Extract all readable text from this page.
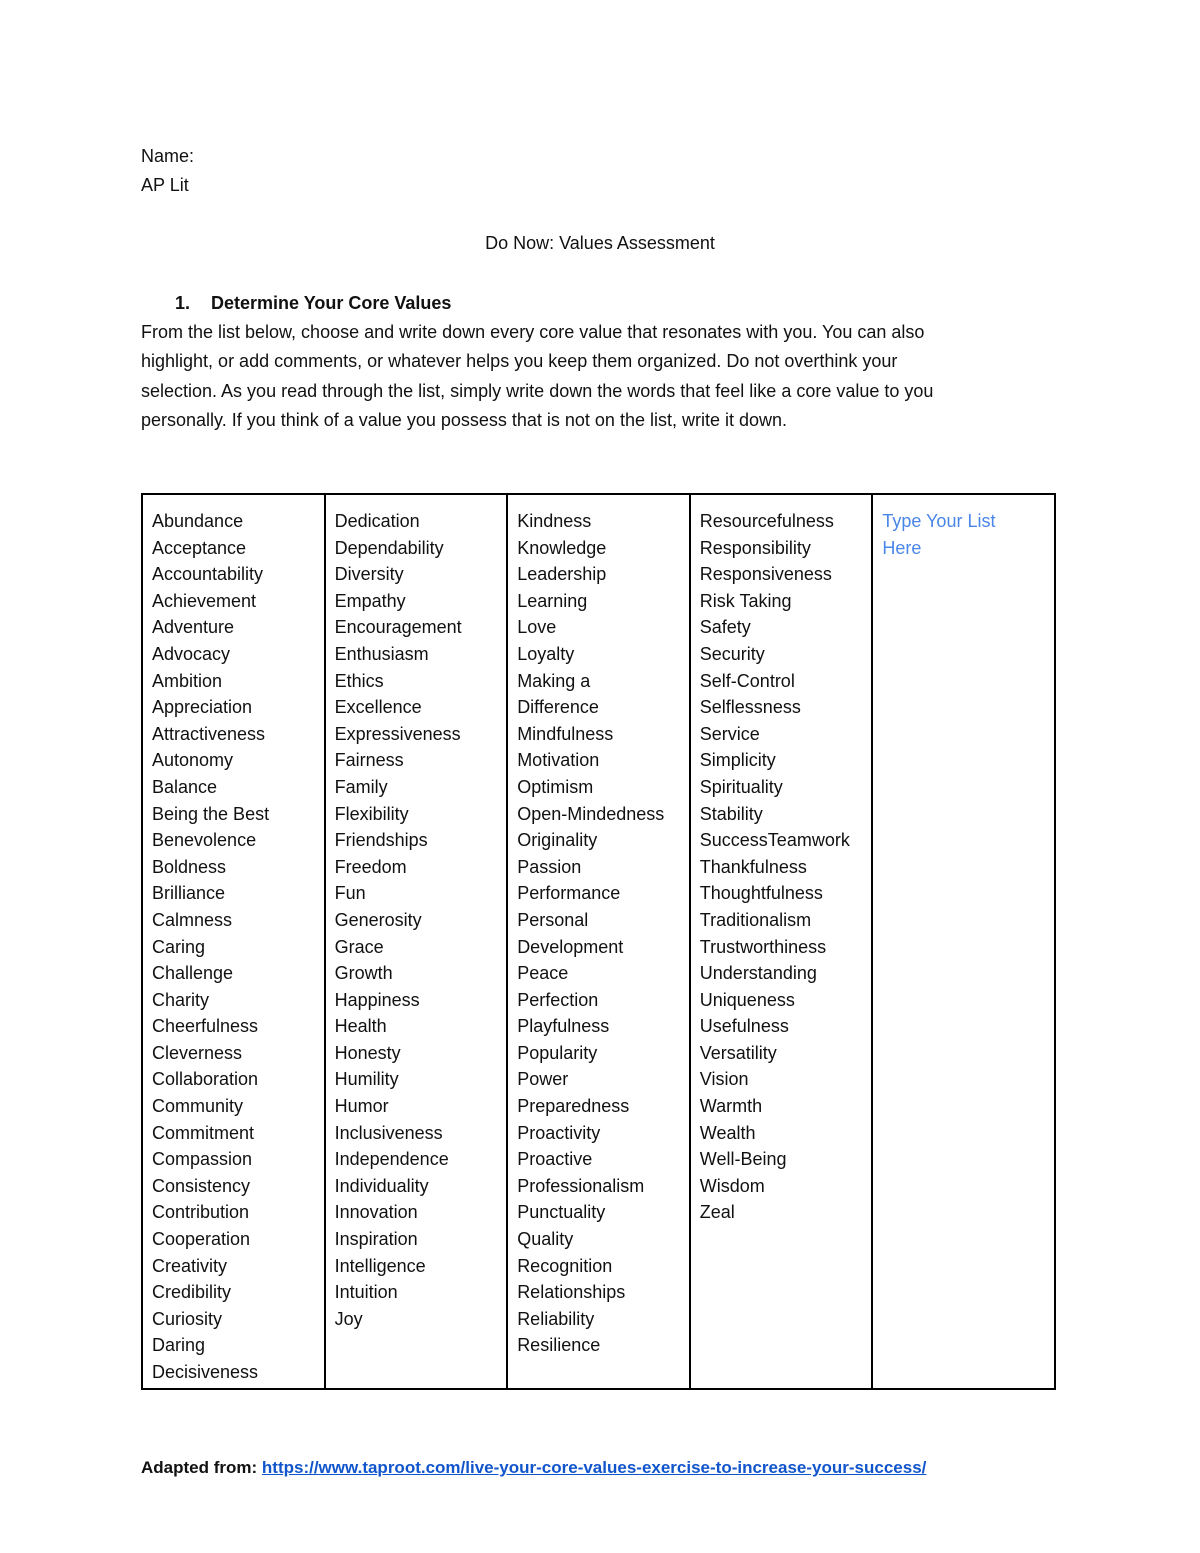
Name:
AP Lit
Do Now: Values Assessment
1. Determine Your Core Values
From the list below, choose and write down every core value that resonates with you. You can also
highlight, or add comments, or whatever helps you keep them organized. Do not overthink your
selection. As you read through the list, simply write down the words that feel like a core value to you
personally. If you think of a value you possess that is not on the list, write it down.
Abundance
Acceptance
Accountability
Achievement
Adventure
Advocacy
Ambition
Appreciation
Attractiveness
Autonomy
Balance
Being the Best
Benevolence
Boldness
Brilliance
Calmness
Caring
Challenge
Charity
Cheerfulness
Cleverness
Collaboration
Community
Commitment
Compassion
Consistency
Contribution
Cooperation
Creativity
Credibility
Curiosity
Daring
Decisiveness

Dedication
Dependability
Diversity
Empathy
Encouragement
Enthusiasm
Ethics
Excellence
Expressiveness
Fairness
Family
Flexibility
Friendships
Freedom
Fun
Generosity
Grace
Growth
Happiness
Health
Honesty
Humility
Humor
Inclusiveness
Independence
Individuality
Innovation
Inspiration
Intelligence
Intuition
Joy

Kindness
Knowledge
Leadership
Learning
Love
Loyalty
Making a
Difference
Mindfulness
Motivation
Optimism
Open-Mindedness
Originality
Passion
Performance
Personal
Development
Peace
Perfection
Playfulness
Popularity
Power
Preparedness
Proactivity
Proactive
Professionalism
Punctuality
Quality
Recognition
Relationships
Reliability
Resilience

Resourcefulness
Responsibility
Responsiveness
Risk Taking
Safety
Security
Self-Control
Selflessness
Service
Simplicity
Spirituality
Stability
SuccessTeamwork
Thankfulness
Thoughtfulness
Traditionalism
Trustworthiness
Understanding
Uniqueness
Usefulness
Versatility
Vision
Warmth
Wealth
Well-Being
Wisdom
Zeal

Type Your List
Here
Adapted from: https://www.taproot.com/live-your-core-values-exercise-to-increase-your-success/
